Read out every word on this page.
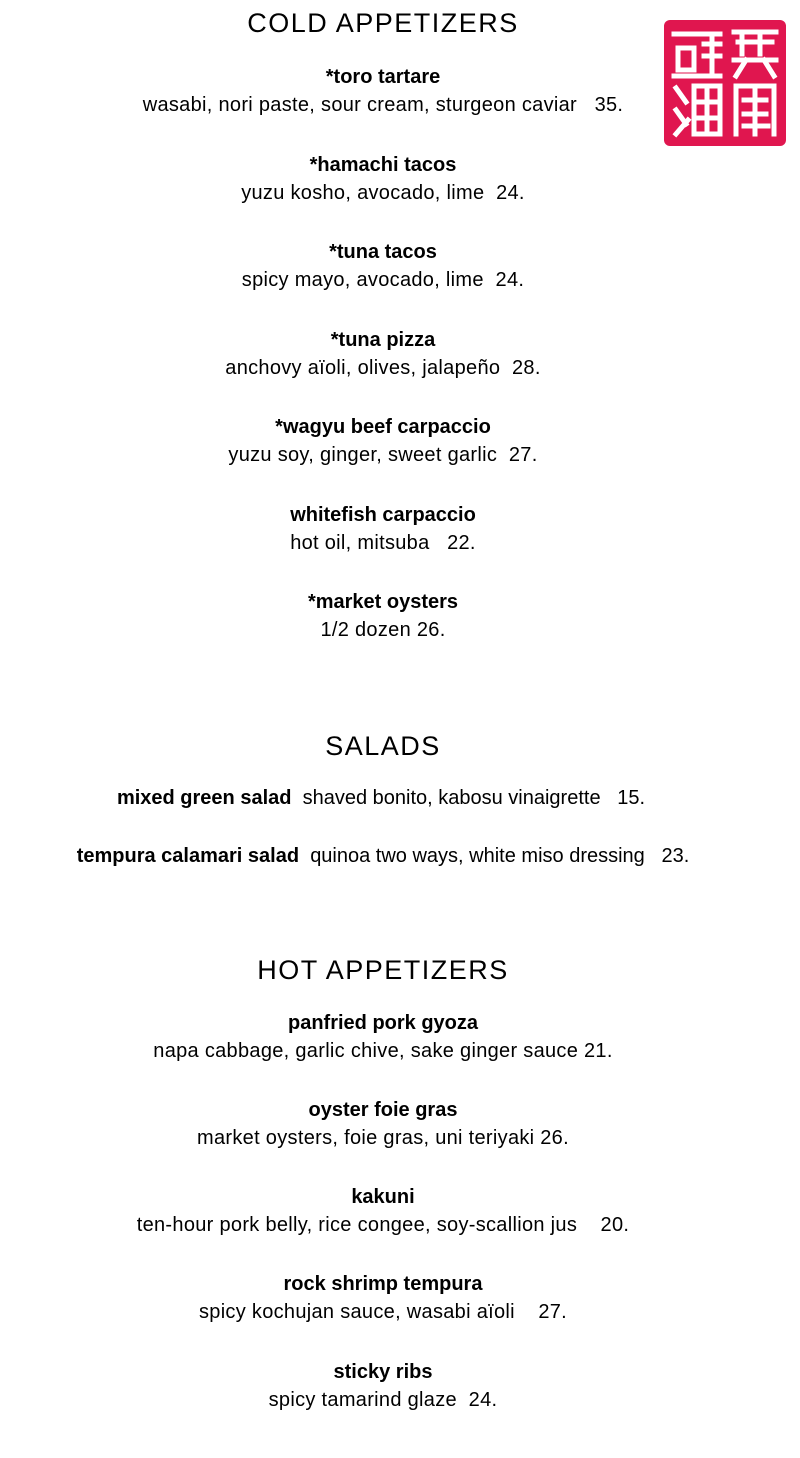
COLD APPETIZERS
*toro tartare
wasabi, nori paste, sour cream, sturgeon caviar   35.
*hamachi tacos
yuzu kosho, avocado, lime  24.
*tuna tacos
spicy mayo, avocado, lime  24.
*tuna pizza
anchovy aïoli, olives, jalapeño  28.
*wagyu beef carpaccio
yuzu soy, ginger, sweet garlic  27.
whitefish carpaccio
hot oil, mitsuba   22.
*market oysters
1/2 dozen 26.
SALADS
mixed green salad shaved bonito, kabosu vinaigrette   15.
tempura calamari salad quinoa two ways, white miso dressing   23.
HOT APPETIZERS
panfried pork gyoza
napa cabbage, garlic chive, sake ginger sauce 21.
oyster foie gras
market oysters, foie gras, uni teriyaki 26.
kakuni
ten-hour pork belly, rice congee, soy-scallion jus    20.
rock shrimp tempura
spicy kochujan sauce, wasabi aïoli    27.
sticky ribs
spicy tamarind glaze  24.
